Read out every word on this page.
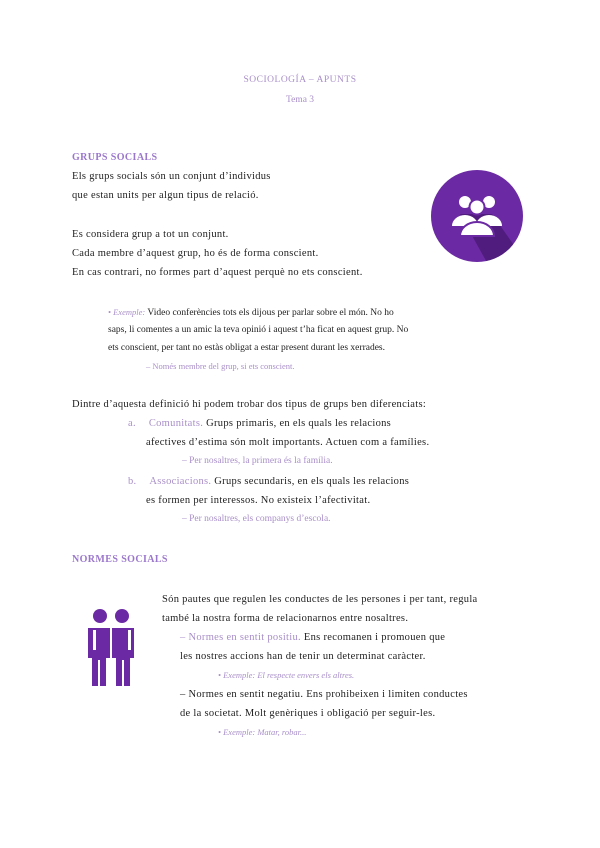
SOCIOLOGÍA – APUNTS
Tema 3
GRUPS SOCIALS
Els grups socials són un conjunt d’individus
que estan units per algun tipus de relació.
Es considera grup a tot un conjunt.
Cada membre d’aquest grup, ho és de forma conscient.
En cas contrari, no formes part d’aquest perquè no ets conscient.
• Exemple: Video conferències tots els dijous per parlar sobre el món. No ho
saps, li comentes a un amic la teva opinió i aquest t’ha ficat en aquest grup. No
ets conscient, per tant no estàs obligat a estar present durant les xerrades.
– Només membre del grup, si ets conscient.
Dintre d’aquesta definició hi podem trobar dos tipus de grups ben diferenciats:
a. Comunitats. Grups primaris, en els quals les relacions
afectives d’estima són molt importants. Actuen com a famílies.
– Per nosaltres, la primera és la família.
b. Associacions. Grups secundaris, en els quals les relacions
es formen per interessos. No existeix l’afectivitat.
– Per nosaltres, els companys d’escola.
NORMES SOCIALS
Són pautes que regulen les conductes de les persones i per tant, regula
també la nostra forma de relacionarnos entre nosaltres.
– Normes en sentit positiu. Ens recomanen i promouen que
les nostres accions han de tenir un determinat caràcter.
• Exemple: El respecte envers els altres.
– Normes en sentit negatiu. Ens prohibeixen i limiten conductes
de la societat. Molt genèriques i obligació per seguir-les.
• Exemple: Matar, robar...
